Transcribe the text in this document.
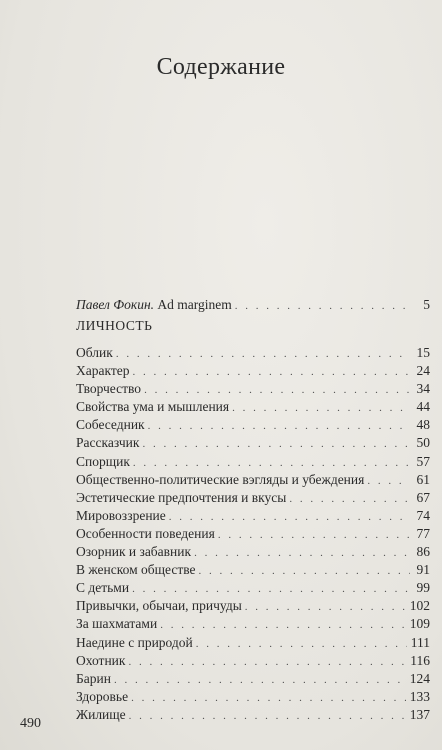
Содержание
Павел Фокин. Ad marginem . . .	5
ЛИЧНОСТЬ
Облик . . .	15
Характер . . .	24
Творчество . . .	34
Свойства ума и мышления . . .	44
Собеседник . . .	48
Рассказчик . . .	50
Спорщик . . .	57
Общественно-политические вэгляды и убеждения . . .	61
Эстетические предпочтения и вкусы . . .	67
Мировоззрение . . .	74
Особенности поведения . . .	77
Озорник и забавник . . .	86
В женском обществе . . .	91
С детьми . . .	99
Привычки, обычаи, причуды . . .	102
За шахматами . . .	109
Наедине с природой . . .	111
Охотник . . .	116
Барин . . .	124
Здоровье . . .	133
Жилище . . .	137
490
